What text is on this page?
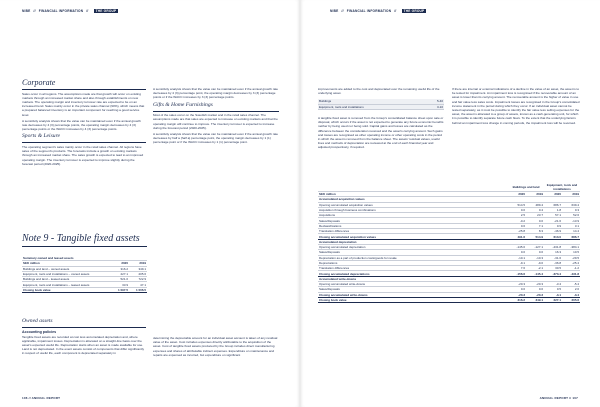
NIBE // FINANCIAL INFORMATION // THE GROUP
Corporate

Sales occur in all regions. The assumptions made are that growth will occur on existing markets through an increased market share and also through establishments on new markets. The operating margin and inventory turnover rate are expected to be on an increased trend. Sales mainly occur in the private sales channel (90%), which means that a prepared balanced inventory is an important component for reaching a good service level.

A sensitivity analysis shows that the value can be maintained even if the annual growth rate decreases by 4 (3) percentage points, the operating margin decreases by 4 (3) percentage points or the WACC increases by 4 (3) percentage points.

Sports & Leisure

The operating segment's sales mainly occur in the retail sales channel. All regions have sales of the segment's products. The forecasts include a growth on existing markets through an increased market share. The sales growth is expected to lead to an improved operating margin. The inventory turnover is expected to improve slightly during the forecast period (2020-2025).

A sensitivity analysis shows that the value can be maintained even if the annual growth rate decreases by 4 (3) percentage point, the operating margin decreases by 3 (3) percentage points or if the WACC increases by 3 (3) percentage points.

Gifts & Home Furnishings

Most of the sales occur on the Swedish market and in the retail sales channel. The assumptions made are that sales are expected to increase on existing markets and that the operating margin will continue to improve. The inventory turnover is expected to increase during the forecast period (2020-2025).

A sensitivity analysis shows that the value can be maintained even if the annual growth rate decreases by half a (half a) percentage point, the operating margin decreases by 1 (1) percentage point or if the WACC increases by 1 (1) percentage point.

Note 9 - Tangible fixed assets
Summary owned and leased assets		
SEK million	2020	2019
Buildings and land – owned assets	316.2	349.1
Equipment, tools and installations – owned assets	227.1	205.6
Buildings and land – leased assets	521.0	722.9
Equipment, tools and installations – leased assets	33.9	47.1
Closing book value	1 097.5	1 006.5
Owned assets
Accounting policies

Tangible fixed assets are recorded at cost less accumulated depreciation and, where applicable, impairment losses. Depreciation is allocated on a straight-line basis over the asset's expected useful life. Depreciation starts when an asset is made available for use. Land is not depreciated. In the event assets consist of components that differ significantly in respect of useful life, each component is depreciated separately in

determining the depreciable amount for an individual asset account is taken of any residual value of the asset. Cost includes expenses directly attributable to the acquisition of the asset. Cost of tangible fixed assets produced by the Group includes direct manufacturing expenses and shares of attributable indirect expenses. Expenditure on maintenance and repairs are expensed as incurred, but expenditure on significant

106 // ANNUAL REPORT
NIBE // FINANCIAL INFORMATION // THE GROUP

improvements are added to the cost and depreciated over the remaining useful life of the underlying asset.

Buildings	5-40
Equipment, tools and installations	3-10

A tangible fixed asset is removed from the Group's consolidated balance sheet upon sale or disposal, which occurs if the asset is not expected to generate any future economic benefits neither by being used nor being sold. Capital gains and losses are calculated as the difference between the consideration received and the asset's carrying amount. Such gains and losses are recognised as other operating income or other operating costs in the period in which the asset is removed from the balance sheet. The assets' residual values, useful lives and methods of depreciation are reviewed at the end of each financial year and adjusted prospectively, if required.

If there are internal or external indications of a decline in the value of an asset, the asset is to be tested for impairment. An impairment loss is recognised if the recoverable amount of an asset is lower than its carrying amount. The recoverable amount is the higher of value in use and fair value less sales costs. Impairment losses are recognised in the Group's consolidated income statement in the period during which they occur. If an individual asset cannot be tested separately, as it must be possible to identify the fair value less selling expenses for the asset, the asset is allocated to a group of assets, known as a cash-generating unit, for which it is possible to identify separate future cash flows. To the extent that the underlying factors behind an impairment loss change in coming periods, the impairment loss will be reversed.

	Buildings and land		Equipment, tools and installations	
SEK million	2020	2019	2020	2019
Accumulated acquisition values				
Opening accumulated acquisition values	514.5	489.4	686.7	639.4
Acquisition through business combinations	0.0	0.4	1.8	0.3
Acquisitions	2.5	23.7	57.1	52.6
Sales/disposals	-0.2	0.0	-21.6	-13.9
Reclassifications	0.6	7.1	0.9	3.1
Translation differences	-25.8	8.3	-46.9	14.4
Closing accumulated acquisition values	491.6	514.9	613.0	686.7
Accumulated depreciation				
Opening accumulated depreciation	-145.0	-127.1	-431.8	-384.1
Sales/disposals	0.0	0.0	16.3	10.5
Depreciation as a part of production costs/goods for resale	-10.1	-10.3	-31.6	-29.5
Depreciations	-9.1	-9.0	-36.8	-25.4
Translation differences	7.6	-2.1	30.5	-1.2
Closing accumulated depreciations	-156.6	-145.4	-373.4	-431.8
Accumulated write-downs				
Opening accumulated write-downs	-20.3	-20.3	-3.4	-5.4
Sales/disposals	0.0	0.0	0.5	2.0
Closing accumulated write-downs	-20.3	-20.3	-3.1	-3.4
Closing book value	316.2	349.1	227.1	205.6
ANNUAL REPORT // 107
